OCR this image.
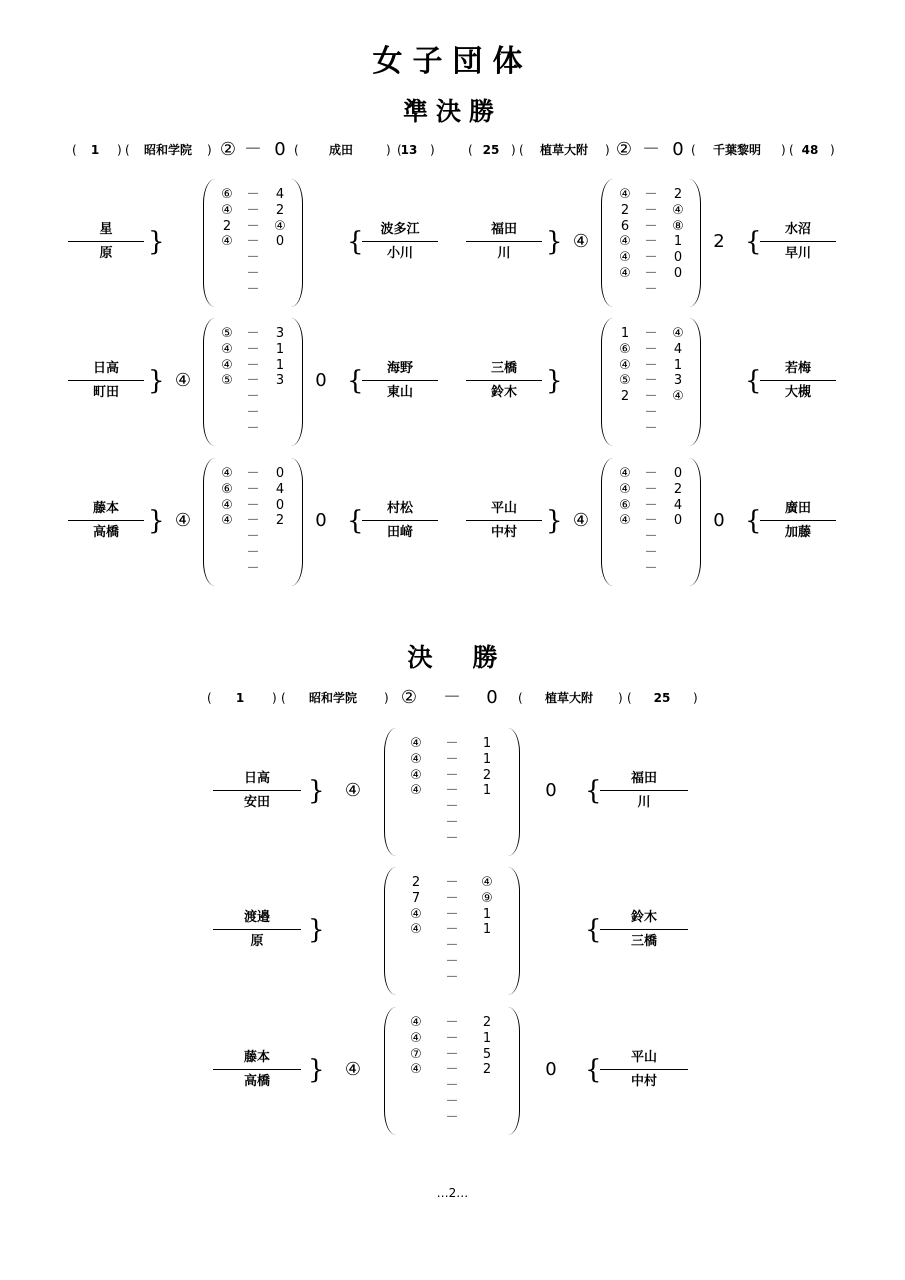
女子団体
準決勝
決勝
( 1 ) ( 昭和学院 ) ② － 0 (	成田	) (
13 )	( 25 ) ( 植草大附 ) ② － 0 ( 千葉黎明 ) ( 48 )
星
原	}
⑥ － 4
④ － 2
2 － ④
④ － 0
－
－
－
{	波多江
小川
日高
町田	} ④
⑤ － 3
④ － 1
④ － 1
⑤ － 3
－
－
－
0 {	海野
東山
藤本
高橋	} ④
④ － 0
⑥ － 4
④ － 0
④ － 2
－
－
－
0 {	村松
田﨑
福田
川	} ④
④ － 2
2 － ④
6 － ⑧
④ － 1
④ － 0
④ － 0
－
2 {	水沼
早川
三橋
鈴木	}
1 － ④
⑥ － 4
④ － 1
⑤ － 3
2 － ④
－
－
{	若梅
大槻
平山
中村	} ④
④ － 0
④ － 2
⑥ － 4
④ － 0
－
－
－
0 {	廣田
加藤
( 1 ) ( 昭和学院 ) ② － 0 ( 植草大附 ) ( 25 )
日高
安田	} ④
④ － 1
④ － 1
④ － 2
④ － 1
－
－
－
0 {	福田
川
渡邉
原	}
2 － ④
7 － ⑨
④ － 1
④ － 1
－
－
－
{	鈴木
三橋
藤本
高橋	} ④
④ － 2
④ － 1
⑦ － 5
④ － 2
－
－
－
0 {	平山
中村
…2…
